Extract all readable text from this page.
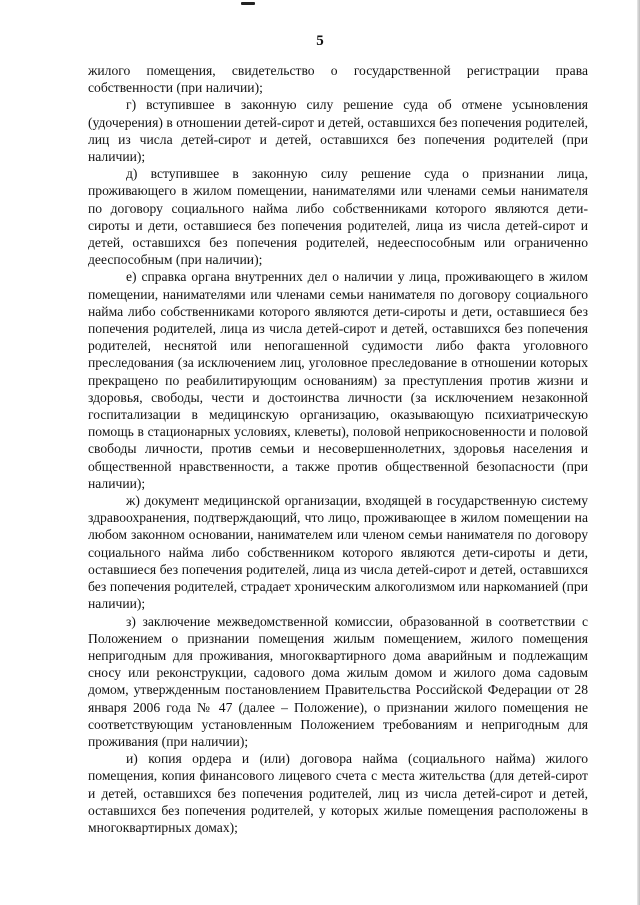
5

жилого помещения, свидетельство о государственной регистрации права собственности (при наличии);

г) вступившее в законную силу решение суда об отмене усыновления (удочерения) в отношении детей-сирот и детей, оставшихся без попечения родителей, лиц из числа детей-сирот и детей, оставшихся без попечения родителей (при наличии);

д) вступившее в законную силу решение суда о признании лица, проживающего в жилом помещении, нанимателями или членами семьи нанимателя по договору социального найма либо собственниками которого являются дети-сироты и дети, оставшиеся без попечения родителей, лица из числа детей-сирот и детей, оставшихся без попечения родителей, недееспособным или ограниченно дееспособным (при наличии);

е) справка органа внутренних дел о наличии у лица, проживающего в жилом помещении, нанимателями или членами семьи нанимателя по договору социального найма либо собственниками которого являются дети-сироты и дети, оставшиеся без попечения родителей, лица из числа детей-сирот и детей, оставшихся без попечения родителей, неснятой или непогашенной судимости либо факта уголовного преследования (за исключением лиц, уголовное преследование в отношении которых прекращено по реабилитирующим основаниям) за преступления против жизни и здоровья, свободы, чести и достоинства личности (за исключением незаконной госпитализации в медицинскую организацию, оказывающую психиатрическую помощь в стационарных условиях, клеветы), половой неприкосновенности и половой свободы личности, против семьи и несовершеннолетних, здоровья населения и общественной нравственности, а также против общественной безопасности (при наличии);

ж) документ медицинской организации, входящей в государственную систему здравоохранения, подтверждающий, что лицо, проживающее в жилом помещении на любом законном основании, нанимателем или членом семьи нанимателя по договору социального найма либо собственником которого являются дети-сироты и дети, оставшиеся без попечения родителей, лица из числа детей-сирот и детей, оставшихся без попечения родителей, страдает хроническим алкоголизмом или наркоманией (при наличии);

з) заключение межведомственной комиссии, образованной в соответствии с Положением о признании помещения жилым помещением, жилого помещения непригодным для проживания, многоквартирного дома аварийным и подлежащим сносу или реконструкции, садового дома жилым домом и жилого дома садовым домом, утвержденным постановлением Правительства Российской Федерации от 28 января 2006 года № 47 (далее – Положение), о признании жилого помещения не соответствующим установленным Положением требованиям и непригодным для проживания (при наличии);

и) копия ордера и (или) договора найма (социального найма) жилого помещения, копия финансового лицевого счета с места жительства (для детей-сирот и детей, оставшихся без попечения родителей, лиц из числа детей-сирот и детей, оставшихся без попечения родителей, у которых жилые помещения расположены в многоквартирных домах);
